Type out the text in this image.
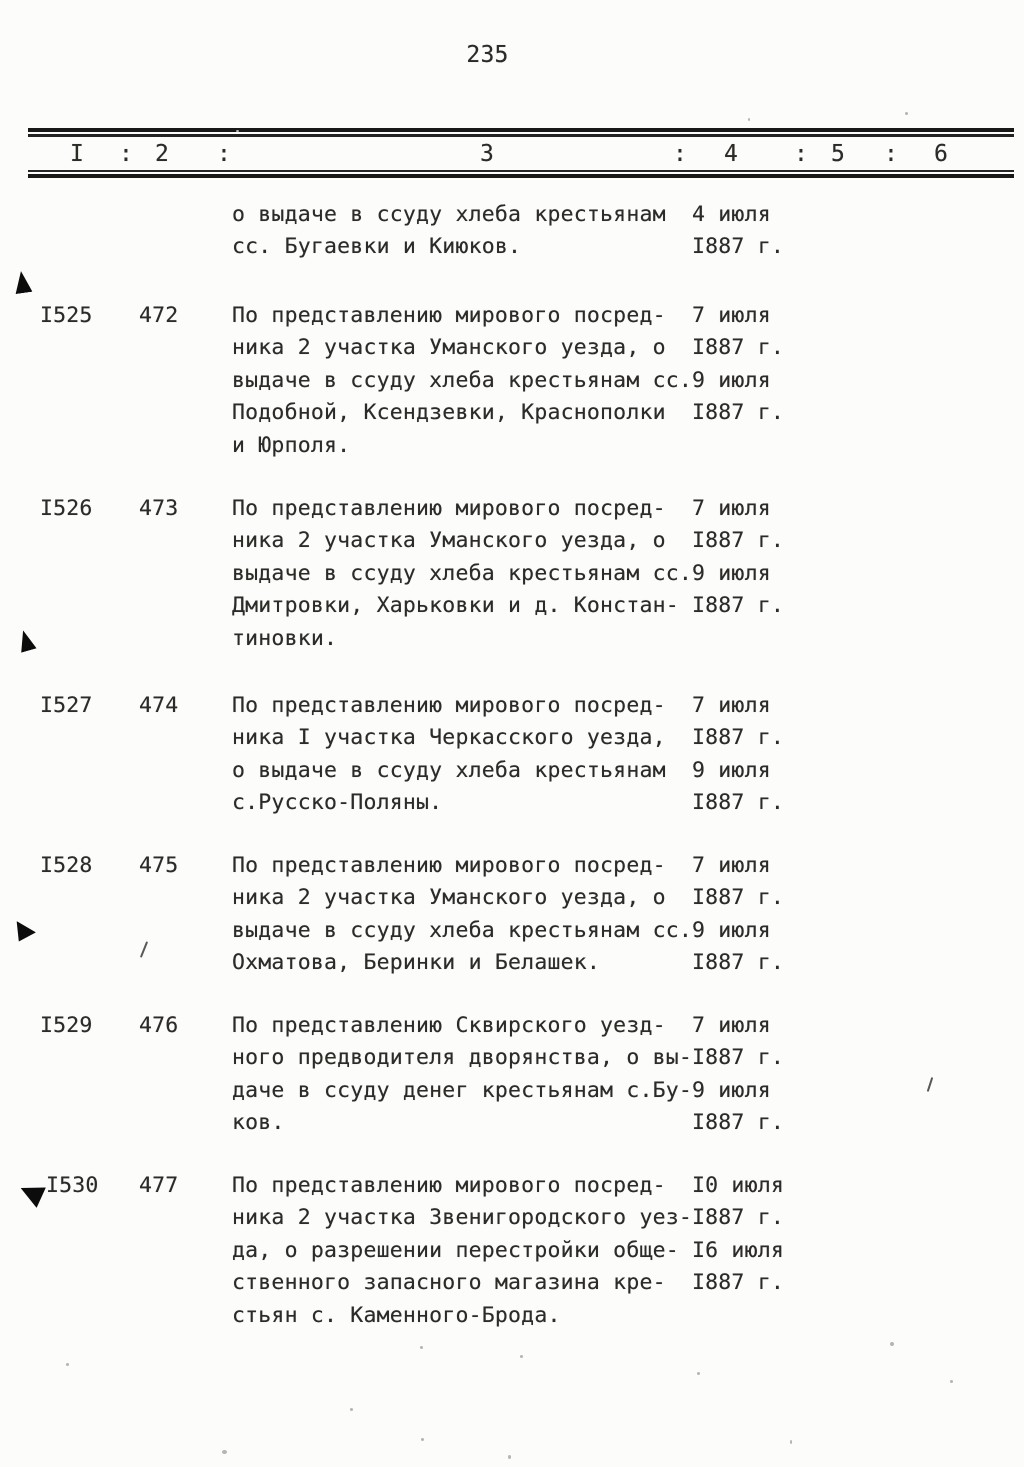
235
I : 2 :	3	: 4 : 5 : 6
о выдаче в ссуду хлеба крестьянам
сс. Бугаевки и Киюков.
4 июля
I887 г.
I525 472 По представлению мирового посред-
ника 2 участка Уманского уезда, о
выдаче в ссуду хлеба крестьянам сс.
Подобной, Ксендзевки, Краснополки
и Юрполя.
7 июля
I887 г.
9 июля
I887 г.
I526 473 По представлению мирового посред-
ника 2 участка Уманского уезда, о
выдаче в ссуду хлеба крестьянам сс.
Дмитровки, Харьковки и д. Констан-
тиновки.
7 июля
I887 г.
9 июля
I887 г.
I527 474 По представлению мирового посред-
ника I участка Черкасского уезда,
о выдаче в ссуду хлеба крестьянам
с.Русско-Поляны.
7 июля
I887 г.
9 июля
I887 г.
I528 475 По представлению мирового посред-
ника 2 участка Уманского уезда, о
выдаче в ссуду хлеба крестьянам сс.
Охматова, Беринки и Белашек.
7 июля
I887 г.
9 июля
I887 г.
I529 476 По представлению Сквирского уезд-
ного предводителя дворянства, о вы-
даче в ссуду денег крестьянам с.Бу-
ков.
7 июля
I887 г.
9 июля
I887 г.
I530 477 По представлению мирового посред-
ника 2 участка Звенигородского уез-
да, о разрешении перестройки обще-
ственного запасного магазина кре-
стьян с. Каменного-Брода.
I0 июля
I887 г.
I6 июля
I887 г.
